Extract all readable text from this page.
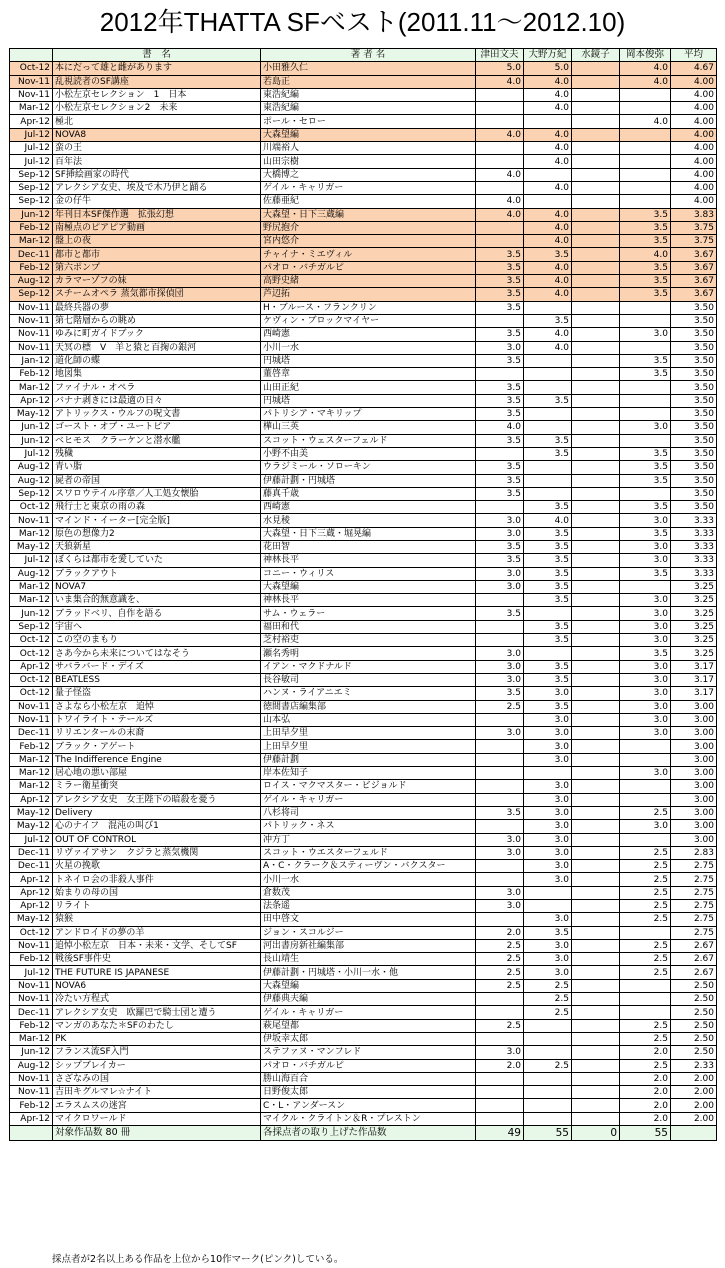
2012年THATTA SFベスト(2011.11～2012.10)
	書　名	著 者 名	津田文夫	大野万紀	水鏡子	岡本俊弥	平均
Oct-12	本にだって雄と雌があります	小田雅久仁	5.0	5.0		4.0	4.67
Nov-11	乱視読者のSF講座	若島正	4.0	4.0		4.0	4.00
Nov-11	小松左京セレクション　1　日本	東浩紀編		4.0			4.00
Mar-12	小松左京セレクション2　未来	東浩紀編		4.0			4.00
Apr-12	極北	ポール・セロー				4.0	4.00
Jul-12	NOVA8	大森望編	4.0	4.0			4.00
Jul-12	蛮の王	川端裕人		4.0			4.00
Jul-12	百年法	山田宗樹		4.0			4.00
Sep-12	SF挿絵画家の時代	大橋博之	4.0				4.00
Sep-12	アレクシア女史、埃及で木乃伊と踊る	ゲイル・キャリガー		4.0			4.00
Sep-12	金の仔牛	佐藤亜紀	4.0				4.00
Jun-12	年刊日本SF傑作選　拡張幻想	大森望・日下三蔵編	4.0	4.0		3.5	3.83
Feb-12	南極点のピアピア動画	野尻抱介		4.0		3.5	3.75
Mar-12	盤上の夜	宮内悠介		4.0		3.5	3.75
Dec-11	都市と都市	チャイナ・ミエヴィル	3.5	3.5		4.0	3.67
Feb-12	第六ポンプ	パオロ・バチガルピ	3.5	4.0		3.5	3.67
Aug-12	カラマーゾフの妹	高野史緒	3.5	4.0		3.5	3.67
Sep-12	スチームオペラ 蒸気都市探偵団	芦辺拓	3.5	4.0		3.5	3.67
Nov-11	最終兵器の夢	H・ブルース・フランクリン	3.5				3.50
Nov-11	第七階層からの眺め	ケヴィン・ブロックマイヤー		3.5			3.50
Nov-11	ゆみに町ガイドブック	西崎憲	3.5	4.0		3.0	3.50
Nov-11	天冥の標　V　羊と猿と百掬の銀河	小川一水	3.0	4.0			3.50
Jan-12	道化師の蝶	円城塔	3.5			3.5	3.50
Feb-12	地図集	董啓章				3.5	3.50
Mar-12	ファイナル・オペラ	山田正紀	3.5				3.50
Apr-12	バナナ剥きには最適の日々	円城塔	3.5	3.5			3.50
May-12	アトリックス・ウルフの呪文書	パトリシア・マキリップ	3.5				3.50
Jun-12	ゴースト・オブ・ユートピア	樺山三英	4.0			3.0	3.50
Jun-12	ベヒモス　クラーケンと潜水艦	スコット・ウェスターフェルド	3.5	3.5			3.50
Jul-12	残穢	小野不由美		3.5		3.5	3.50
Aug-12	青い脂	ウラジミール・ソローキン	3.5			3.5	3.50
Aug-12	屍者の帝国	伊藤計劃・円城塔	3.5			3.5	3.50
Sep-12	スワロウテイル序章／人工処女懐胎	藤真千歳	3.5				3.50
Oct-12	飛行士と東京の雨の森	西崎憲		3.5		3.5	3.50
Nov-11	マインド・イーター[完全版]	水見稜	3.0	4.0		3.0	3.33
Mar-12	原色の想像力2	大森望・日下三蔵・堀晃編	3.0	3.5		3.5	3.33
May-12	天狼新星	花田智	3.5	3.5		3.0	3.33
Jul-12	ぼくらは都市を愛していた	神林長平	3.5	3.5		3.0	3.33
Aug-12	ブラックアウト	コニー・ウィリス	3.0	3.5		3.5	3.33
Mar-12	NOVA7	大森望編	3.0	3.5			3.25
Mar-12	いま集合的無意識を、	神林長平		3.5		3.0	3.25
Jun-12	ブラッドベリ、自作を語る	サム・ウェラー	3.5			3.0	3.25
Sep-12	宇宙へ	福田和代		3.5		3.0	3.25
Oct-12	この空のまもり	芝村裕吏		3.5		3.0	3.25
Oct-12	さあ今から未来についてはなそう	瀬名秀明	3.0			3.5	3.25
Apr-12	サバラバード・デイズ	イアン・マクドナルド	3.0	3.5		3.0	3.17
Oct-12	BEATLESS	長谷敏司	3.0	3.5		3.0	3.17
Oct-12	量子怪盗	ハンヌ・ライアニエミ	3.5	3.0		3.0	3.17
Nov-11	さよなら小松左京　追悼	徳間書店編集部	2.5	3.5		3.0	3.00
Nov-11	トワイライト・テールズ	山本弘		3.0		3.0	3.00
Dec-11	リリエンタールの末裔	上田早夕里	3.0	3.0		3.0	3.00
Feb-12	ブラック・アゲート	上田早夕里		3.0			3.00
Mar-12	The Indifference Engine	伊藤計劃		3.0			3.00
Mar-12	居心地の悪い部屋	岸本佐知子				3.0	3.00
Mar-12	ミラー衛星衝突	ロイス・マクマスター・ビジョルド		3.0			3.00
Apr-12	アレクシア女史　女王陛下の暗殺を憂う	ゲイル・キャリガー		3.0			3.00
May-12	Delivery	八杉将司	3.5	3.0		2.5	3.00
May-12	心のナイフ　混沌の叫び1	パトリック・ネス		3.0		3.0	3.00
Jul-12	OUT OF CONTROL	冲方丁	3.0	3.0			3.00
Dec-11	リヴァイアサン　クジラと蒸気機関	スコット・ウエスターフェルド	3.0	3.0		2.5	2.83
Dec-11	火星の挽歌	A・C・クラーク＆スティーヴン・バクスター		3.0		2.5	2.75
Apr-12	トネイロ会の非殺人事件	小川一水		3.0		2.5	2.75
Apr-12	始まりの母の国	倉数茂	3.0			2.5	2.75
Apr-12	リライト	法条遥	3.0			2.5	2.75
May-12	猿猴	田中啓文		3.0		2.5	2.75
Oct-12	アンドロイドの夢の羊	ジョン・スコルジー	2.0	3.5			2.75
Nov-11	追悼小松左京　日本・未来・文学、そしてSF	河出書房新社編集部	2.5	3.0		2.5	2.67
Feb-12	戦後SF事件史	長山靖生	2.5	3.0		2.5	2.67
Jul-12	THE FUTURE IS JAPANESE	伊藤計劃・円城塔・小川一水・他	2.5	3.0		2.5	2.67
Nov-11	NOVA6	大森望編	2.5	2.5			2.50
Nov-11	冷たい方程式	伊藤典夫編		2.5			2.50
Dec-11	アレクシア女史　欧羅巴で騎士団と遭う	ゲイル・キャリガー		2.5			2.50
Feb-12	マンガのあなた＊SFのわたし	萩尾望都	2.5			2.5	2.50
Mar-12	PK	伊坂幸太郎				2.5	2.50
Jun-12	フランス流SF入門	ステファヌ・マンフレド	3.0			2.0	2.50
Aug-12	シップブレイカー	パオロ・バチガルピ	2.0	2.5		2.5	2.33
Nov-11	さざなみの国	勝山海百合				2.0	2.00
Nov-11	吉田キグルマレ☆ナイト	日野俊太郎				2.0	2.00
Feb-12	エラスムスの迷宮	C・L・アンダースン				2.0	2.00
Apr-12	マイクロワールド	マイクル・クライトン＆R・プレストン				2.0	2.00
	対象作品数 80 冊	各採点者の取り上げた作品数	49	55	0	55	
採点者が2名以上ある作品を上位から10作マーク(ピンク)している。
